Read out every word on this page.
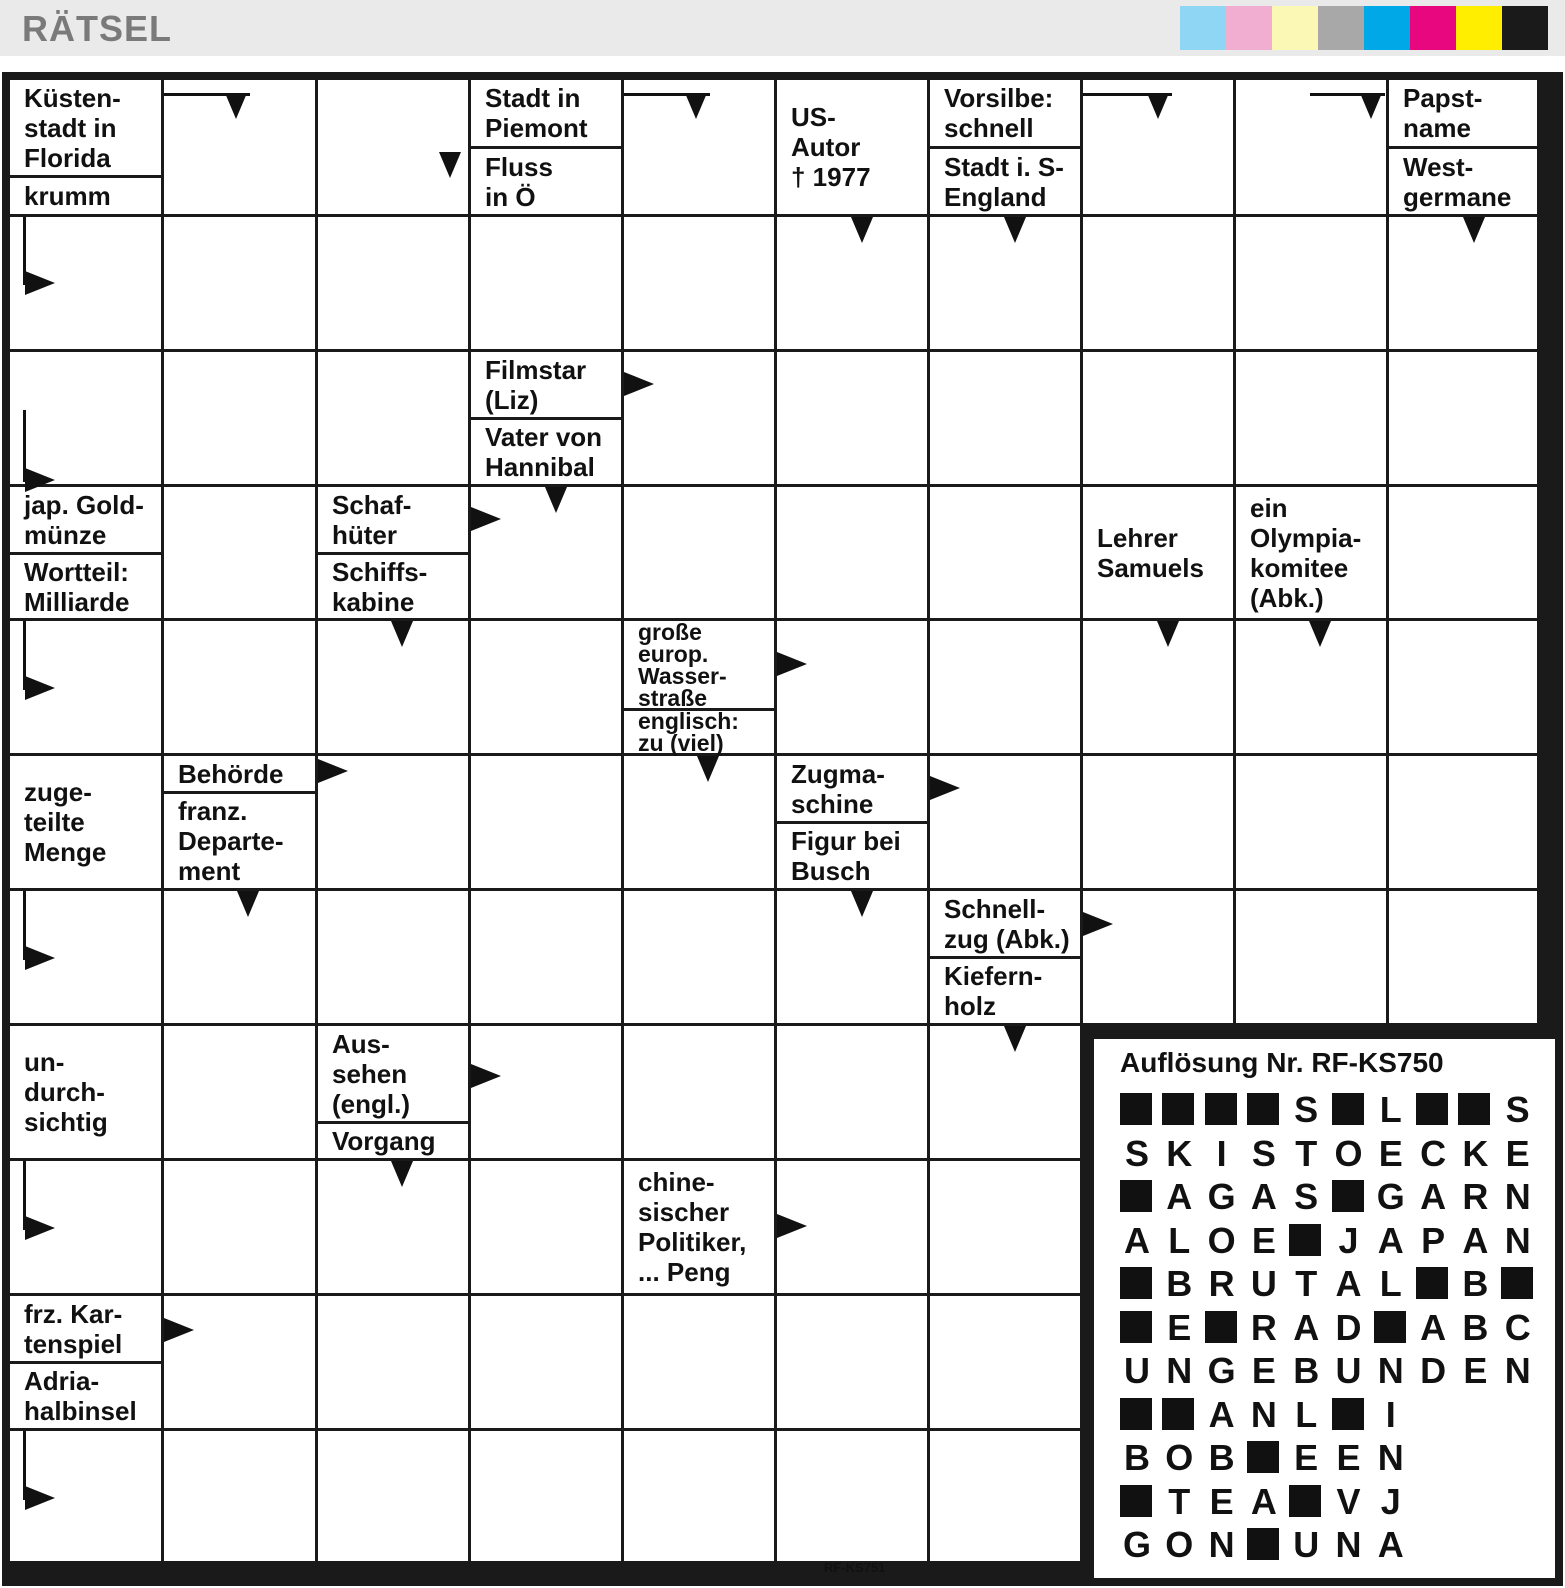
RÄTSEL
Küsten-
stadt in
Florida
krumm
Stadt in
Piemont
Fluss
in Ö
US-
Autor
† 1977
Vorsilbe:
schnell
Stadt i. S-
England
Papst-
name
West-
germane
Filmstar
(Liz)
Vater von
Hannibal
jap. Gold-
münze
Wortteil:
Milliarde
Schaf-
hüter
Schiffs-
kabine
Lehrer
Samuels
ein
Olympia-
komitee
(Abk.)
große
europ.
Wasser-
straße
englisch:
zu (viel)
zuge-
teilte
Menge
Behörde
franz.
Departe-
ment
Zugma-
schine
Figur bei
Busch
Schnell-
zug (Abk.)
Kiefern-
holz
un-
durch-
sichtig
Aus-
sehen
(engl.)
Vorgang
chine-
sischer
Politiker,
... Peng
frz. Kar-
tenspiel
Adria-
halbinsel
Auflösung Nr. RF-KS750
S L	S
S K I S T O E C K E
A G A S G A R N
A L O E J A P A N
B R U T A L B
E R A D A B C
U N G E B U N D E N
A N L	I
B O B E E N
T E A V J
G O N U N A
RF-KS751
